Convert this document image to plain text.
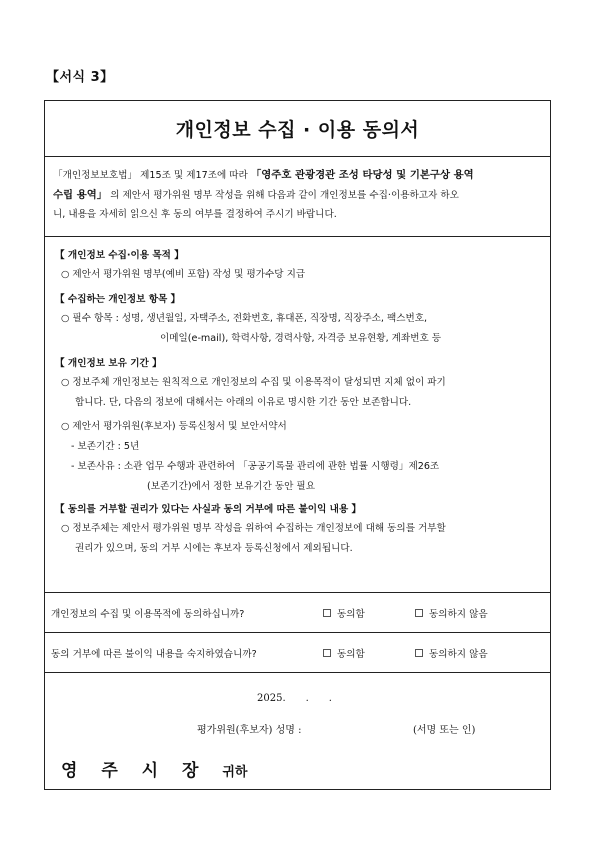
【서식 3】
개인정보 수집 · 이용 동의서
「개인정보보호법」 제15조 및 제17조에 따라 「영주호 관광경관 조성 타당성 및 기본구상 용역
수립 용역」 의 제안서 평가위원 명부 작성을 위해 다음과 같이 개인정보를 수집·이용하고자 하오
니, 내용을 자세히 읽으신 후 동의 여부를 결정하여 주시기 바랍니다.
【 개인정보 수집·이용 목적 】
○ 제안서 평가위원 명부(예비 포함) 작성 및 평가수당 지급
【 수집하는 개인정보 항목 】
○ 필수 항목 : 성명, 생년월일, 자택주소, 전화번호, 휴대폰, 직장명, 직장주소, 팩스번호,
이메일(e-mail), 학력사항, 경력사항, 자격증 보유현황, 계좌번호 등
【 개인정보 보유 기간 】
○ 정보주체 개인정보는 원칙적으로 개인정보의 수집 및 이용목적이 달성되면 지체 없이 파기
합니다. 단, 다음의 정보에 대해서는 아래의 이유로 명시한 기간 동안 보존합니다.
○ 제안서 평가위원(후보자) 등록신청서 및 보안서약서
- 보존기간 : 5년
- 보존사유 : 소관 업무 수행과 관련하여 「공공기록물 관리에 관한 법률 시행령」제26조
(보존기간)에서 정한 보유기간 동안 필요
【 동의를 거부할 권리가 있다는 사실과 동의 거부에 따른 불이익 내용 】
○ 정보주체는 제안서 평가위원 명부 작성을 위하여 수집하는 개인정보에 대해 동의를 거부할
권리가 있으며, 동의 거부 시에는 후보자 등록신청에서 제외됩니다.
개인정보의 수집 및 이용목적에 동의하십니까?	동의함	동의하지 않음
동의 거부에 따른 불이익 내용을 숙지하였습니까?	동의함	동의하지 않음
2025.　　.　　.
평가위원(후보자) 성명 :	(서명 또는 인)
영 주 시 장 귀하
